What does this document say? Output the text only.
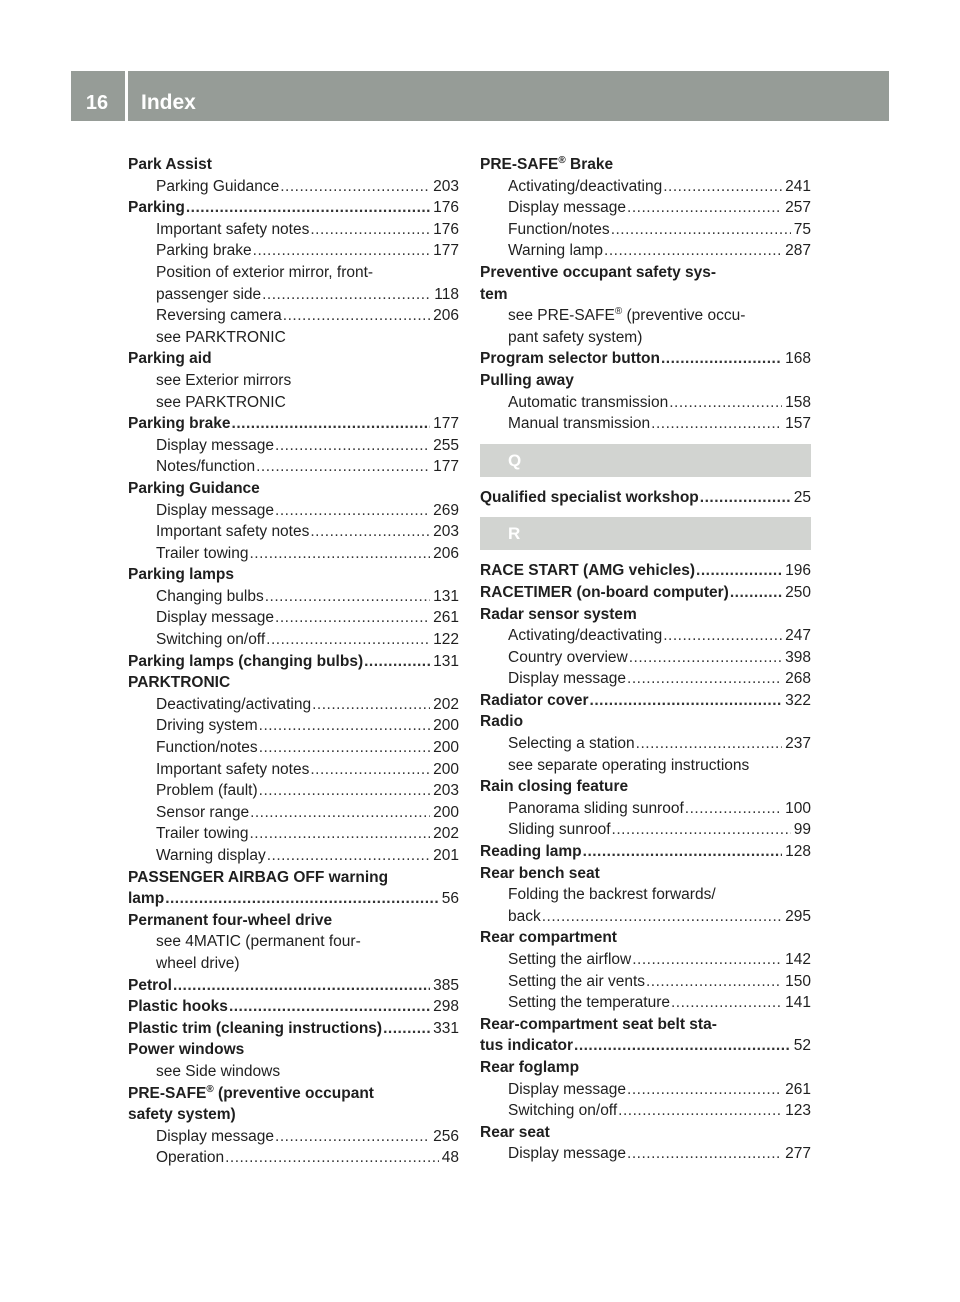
16	Index
Park Assist
Parking Guidance .....	203
Parking .....	176
Important safety notes .....	176
Parking brake .....	177
Position of exterior mirror, front-
passenger side .....	118
Reversing camera .....	206
see PARKTRONIC
Parking aid
see Exterior mirrors
see PARKTRONIC
Parking brake .....	177
Display message .....	255
Notes/function .....	177
Parking Guidance
Display message .....	269
Important safety notes .....	203
Trailer towing .....	206
Parking lamps
Changing bulbs .....	131
Display message .....	261
Switching on/off .....	122
Parking lamps (changing bulbs) .....	131
PARKTRONIC
Deactivating/activating .....	202
Driving system .....	200
Function/notes .....	200
Important safety notes .....	200
Problem (fault) .....	203
Sensor range .....	200
Trailer towing .....	202
Warning display .....	201
PASSENGER AIRBAG OFF warning
lamp .....	56
Permanent four-wheel drive
see 4MATIC (permanent four-
wheel drive)
Petrol .....	385
Plastic hooks .....	298
Plastic trim (cleaning instructions) .....	331
Power windows
see Side windows
PRE-SAFE® (preventive occupant
safety system)
Display message .....	256
Operation .....	48
PRE-SAFE® Brake
Activating/deactivating .....	241
Display message .....	257
Function/notes .....	75
Warning lamp .....	287
Preventive occupant safety sys-
tem
see PRE-SAFE® (preventive occu-
pant safety system)
Program selector button .....	168
Pulling away
Automatic transmission .....	158
Manual transmission .....	157
Q
Qualified specialist workshop .....	25
R
RACE START (AMG vehicles) .....	196
RACETIMER (on-board computer) .....	250
Radar sensor system
Activating/deactivating .....	247
Country overview .....	398
Display message .....	268
Radiator cover .....	322
Radio
Selecting a station .....	237
see separate operating instructions
Rain closing feature
Panorama sliding sunroof .....	100
Sliding sunroof .....	99
Reading lamp .....	128
Rear bench seat
Folding the backrest forwards/
back .....	295
Rear compartment
Setting the airflow .....	142
Setting the air vents .....	150
Setting the temperature .....	141
Rear-compartment seat belt sta-
tus indicator .....	52
Rear foglamp
Display message .....	261
Switching on/off .....	123
Rear seat
Display message .....	277
